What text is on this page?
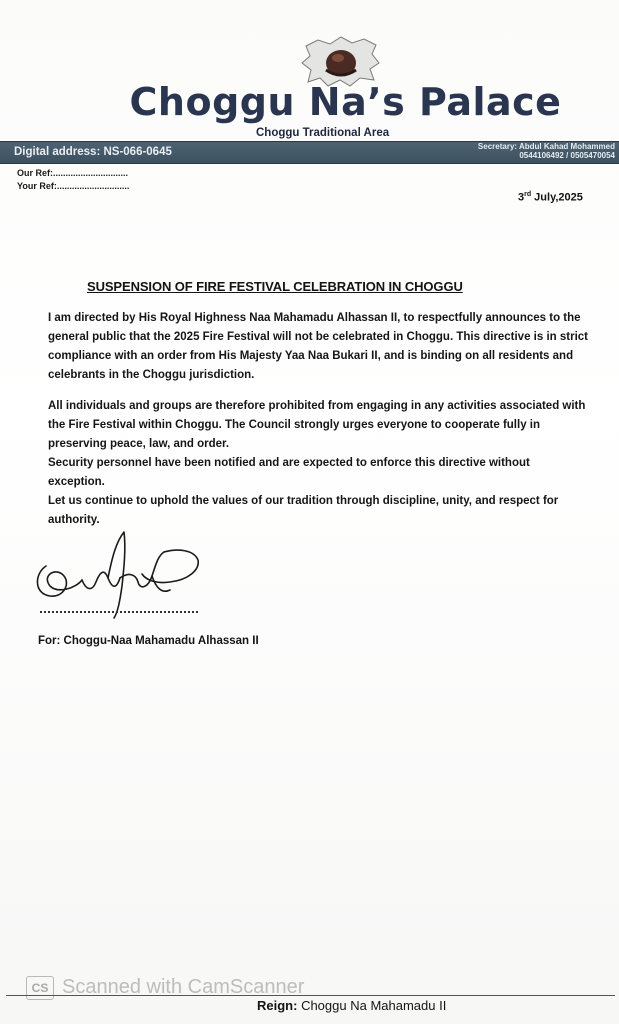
Choggu Na’s Palace
Choggu Traditional Area
Digital address: NS-066-0645	Secretary: Abdul Kahad Mohammed
0544106492 / 0505470054
Our Ref:..............................
Your Ref:.............................
3rd July,2025
SUSPENSION OF FIRE FESTIVAL CELEBRATION IN CHOGGU
I am directed by His Royal Highness Naa Mahamadu Alhassan II, to respectfully announces to the
general public that the 2025 Fire Festival will not be celebrated in Choggu. This directive is in strict
compliance with an order from His Majesty Yaa Naa Bukari II, and is binding on all residents and
celebrants in the Choggu jurisdiction.
All individuals and groups are therefore prohibited from engaging in any activities associated with
the Fire Festival within Choggu. The Council strongly urges everyone to cooperate fully in
preserving peace, law, and order.
Security personnel have been notified and are expected to enforce this directive without
exception.
Let us continue to uphold the values of our tradition through discipline, unity, and respect for
authority.
For: Choggu-Naa Mahamadu Alhassan II
CS Scanned with CamScanner
Reign: Choggu Na Mahamadu II
